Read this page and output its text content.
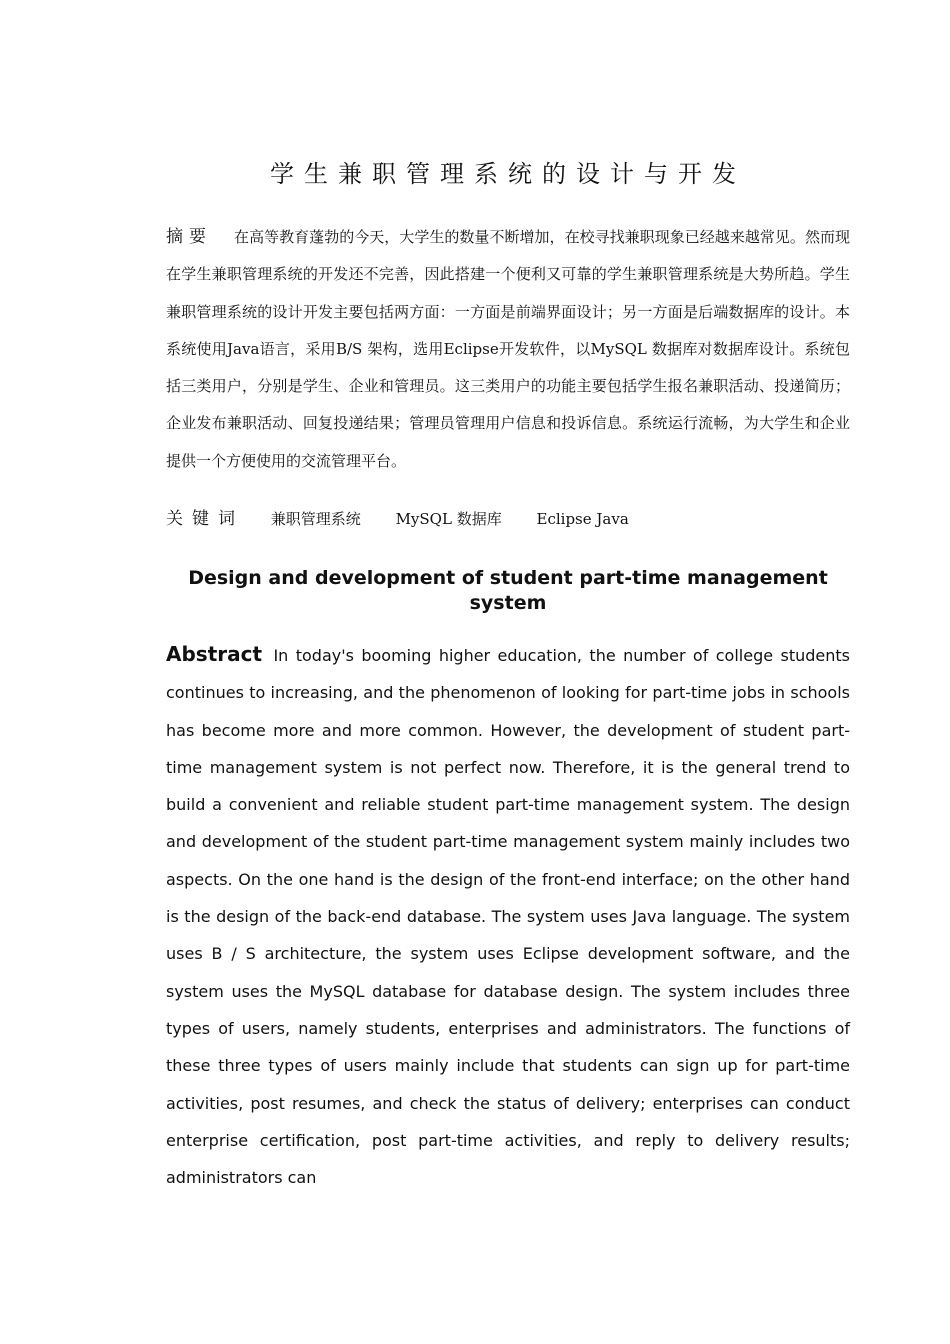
学生兼职管理系统的设计与开发
摘要 在高等教育蓬勃的今天，大学生的数量不断增加，在校寻找兼职现象已经越来越常见。然而现在学生兼职管理系统的开发还不完善，因此搭建一个便利又可靠的学生兼职管理系统是大势所趋。学生兼职管理系统的设计开发主要包括两方面：一方面是前端界面设计；另一方面是后端数据库的设计。本系统使用Java语言，采用B/S 架构，选用Eclipse开发软件，以MySQL 数据库对数据库设计。系统包括三类用户，分别是学生、企业和管理员。这三类用户的功能主要包括学生报名兼职活动、投递简历；企业发布兼职活动、回复投递结果；管理员管理用户信息和投诉信息。系统运行流畅，为大学生和企业提供一个方便使用的交流管理平台。
关键词 兼职管理系统 MySQL 数据库 Eclipse Java
Design and development of student part-time management system
Abstract In today's booming higher education, the number of college students continues to increasing, and the phenomenon of looking for part-time jobs in schools has become more and more common. However, the development of student part-time management system is not perfect now. Therefore, it is the general trend to build a convenient and reliable student part-time management system. The design and development of the student part-time management system mainly includes two aspects. On the one hand is the design of the front-end interface; on the other hand is the design of the back-end database. The system uses Java language. The system uses B / S architecture, the system uses Eclipse development software, and the system uses the MySQL database for database design. The system includes three types of users, namely students, enterprises and administrators. The functions of these three types of users mainly include that students can sign up for part-time activities, post resumes, and check the status of delivery; enterprises can conduct enterprise certification, post part-time activities, and reply to delivery results; administrators can
